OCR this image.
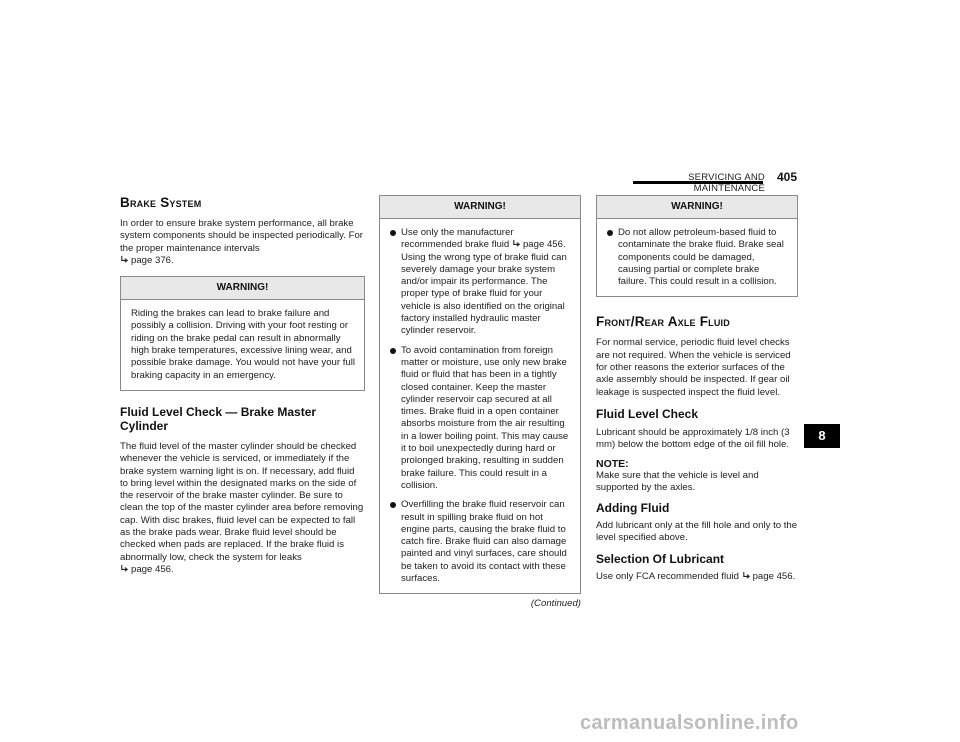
SERVICING AND MAINTENANCE
405
Brake System

In order to ensure brake system performance, all brake system components should be inspected periodically. For the proper maintenance intervals
page 376.

WARNING!

Riding the brakes can lead to brake failure and possibly a collision. Driving with your foot resting or riding on the brake pedal can result in abnormally high brake temperatures, excessive lining wear, and possible brake damage. You would not have your full braking capacity in an emergency.

Fluid Level Check — Brake Master Cylinder

The fluid level of the master cylinder should be checked whenever the vehicle is serviced, or immediately if the brake system warning light is on. If necessary, add fluid to bring level within the designated marks on the side of the reservoir of the brake master cylinder. Be sure to clean the top of the master cylinder area before removing cap. With disc brakes, fluid level can be expected to fall as the brake pads wear. Brake fluid level should be checked when pads are replaced. If the brake fluid is abnormally low, check the system for leaks
page 456.

WARNING!
Use only the manufacturer recommended brake fluid page 456. Using the wrong type of brake fluid can severely damage your brake system and/or impair its performance. The proper type of brake fluid for your vehicle is also identified on the original factory installed hydraulic master cylinder reservoir.
To avoid contamination from foreign matter or moisture, use only new brake fluid or fluid that has been in a tightly closed container. Keep the master cylinder reservoir cap secured at all times. Brake fluid in a open container absorbs moisture from the air resulting in a lower boiling point. This may cause it to boil unexpectedly during hard or prolonged braking, resulting in sudden brake failure. This could result in a collision.
Overfilling the brake fluid reservoir can result in spilling brake fluid on hot engine parts, causing the brake fluid to catch fire. Brake fluid can also damage painted and vinyl surfaces, care should be taken to avoid its contact with these surfaces.
(Continued)
WARNING!
Do not allow petroleum-based fluid to contaminate the brake fluid. Brake seal components could be damaged, causing partial or complete brake failure. This could result in a collision.
Front/Rear Axle Fluid

For normal service, periodic fluid level checks are not required. When the vehicle is serviced for other reasons the exterior surfaces of the axle assembly should be inspected. If gear oil leakage is suspected inspect the fluid level.

Fluid Level Check

Lubricant should be approximately 1/8 inch (3 mm) below the bottom edge of the oil fill hole.

NOTE:

Make sure that the vehicle is level and supported by the axles.

Adding Fluid

Add lubricant only at the fill hole and only to the level specified above.

Selection Of Lubricant

Use only FCA recommended fluid page 456.

8
carmanualsonline.info
